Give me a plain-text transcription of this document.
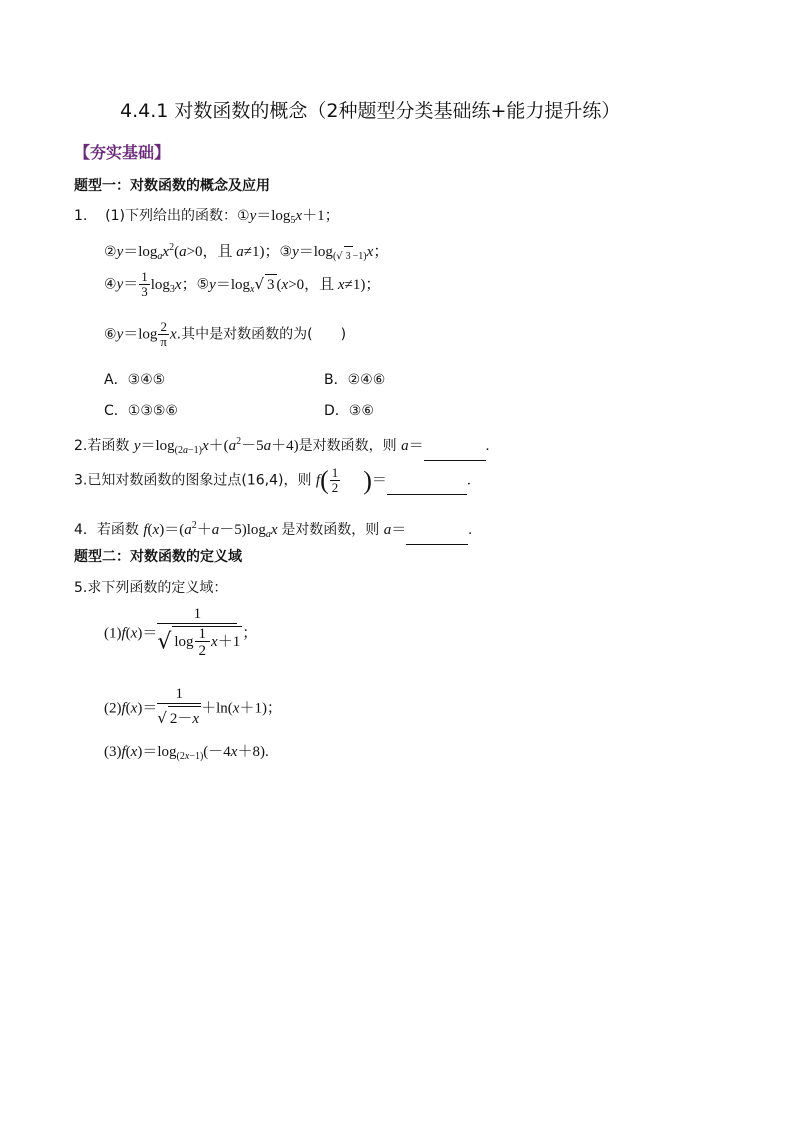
4.4.1 对数函数的概念（2种题型分类基础练+能力提升练）
【夯实基础】
题型一：对数函数的概念及应用
1. (1)下列给出的函数：$①y=\log_5x+1$；
$②y=\log_ax^2(a>0$，且 a≠1)；$③y=\log_{(√ 3 -1)}x$；
④y＝ $\frac{1}{3} \log_3x$；$⑤y=\log_x√$ 3 (x>0，且 x≠1)；
⑥y＝log $\frac{2}{\pi} x$.其中是对数函数的为(　　)
A．③④⑤	B．②④⑥
C．①③⑤⑥	D．③⑥
2.若函数 $y=\log_{(2a-1)}x+(a^2-5a+4)$是对数函数，则 a＝	.
3.已知对数函数的图象过点(16,4)，则 $f( \frac{1}{2}$ )＝	.
4．若函数 $f(x)=(a^2+a-5)\log_ax$ 是对数函数，则 a＝	.
题型二：对数函数的定义域
5.求下列函数的定义域：
$(1)f(x)= \frac{1}{√ \log \frac{1}{2} x+1}$ ；
$(2)f(x)= \frac{1}{√ 2-x} +\ln(x+1)$；
$(3)f(x)=\log_{(2x-1)}(-4x+8)$.
